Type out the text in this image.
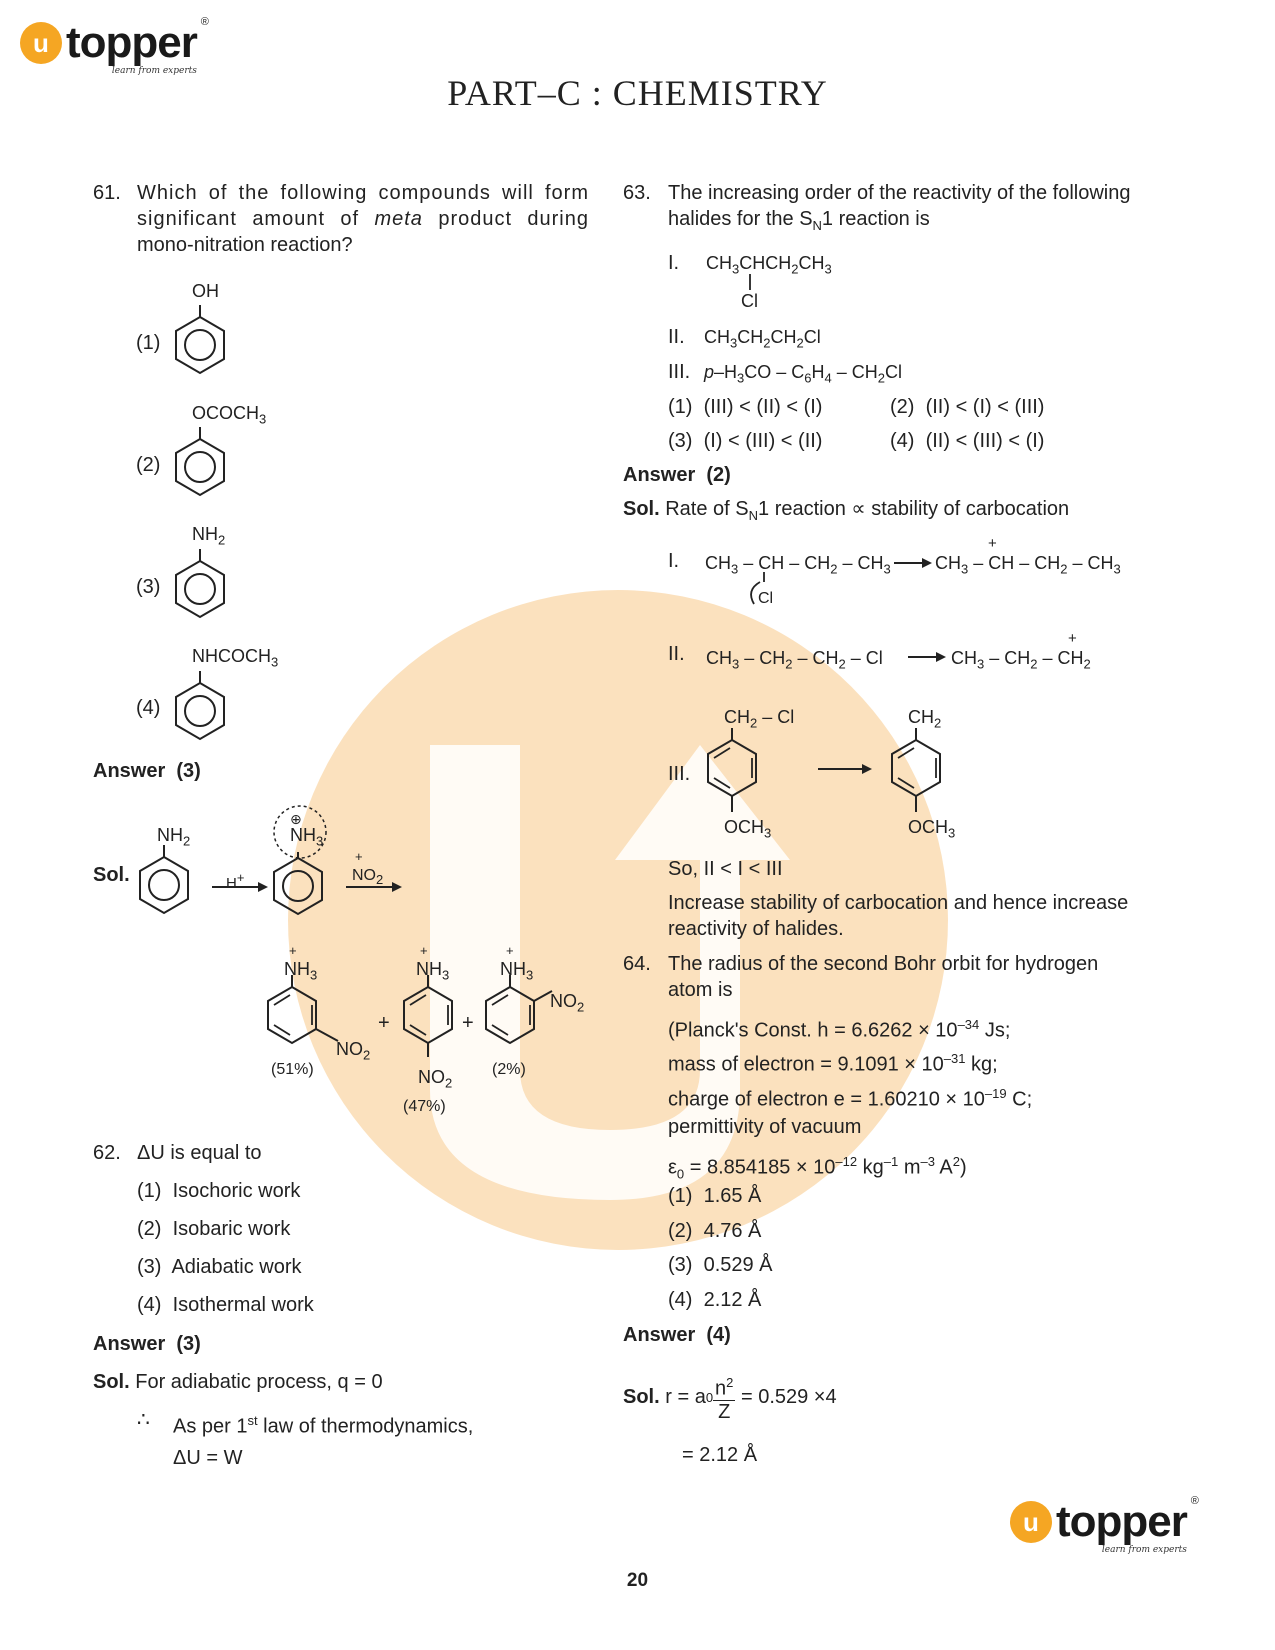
u topper ®
learn from experts
PART–C : CHEMISTRY
61. Which of the following compounds will form
significant amount of meta product during
mono-nitration reaction?
(1)
OH
(2)
$OCOCH_3$
(3)
$NH_2$
(4)
$NHCOCH_3$
Answer (3)
Sol.
$NH_2$
H+
⊕
$NH_3$
+
$NO_2$
+
$NH_3$
$NO_2$
(51%)
+
+
$NH_3$
$NO_2$
(47%)
+
+
$NH_3$
$NO_2$
(2%)
62. ΔU is equal to
(1) Isochoric work
(2) Isobaric work
(3) Adiabatic work
(4) Isothermal work
Answer (3)
Sol. For adiabatic process, q = 0
∴ As per 1st law of thermodynamics,
ΔU = W
63. The increasing order of the reactivity of the following
halides for the $S_N1$ reaction is
I. $CH_3CHCH_2CH_3$
Cl
II. $CH_3CH_2CH_2Cl$
III. $p-H_3CO - C_6H_4 - CH_2Cl$
(1) (III) < (II) < (I)	(2) (II) < (I) < (III)
(3) (I) < (III) < (II)	(4) (II) < (III) < (I)
Answer (2)
Sol. Rate of $S_N1$ reaction ∝ stability of carbocation
I. $CH_3$ – CH – $CH_2 - CH_3$
Cl
$CH_3$ – CH – $CH_2 - CH_3$
+
II. $CH_3 - CH_2 - CH_2$ – Cl	$CH_3 - CH_2 - CH_2$
+
III.
$CH_2$ – Cl
$OCH_3$
$CH_2$
$OCH_3$
So, II < I < III
Increase stability of carbocation and hence increase
reactivity of halides.
64. The radius of the second Bohr orbit for hydrogen
atom is
(Planck's Const. $h = 6.6262 \times 10^{-34}$ Js;
mass of electron = $9.1091 \times 10^{-31}$ kg;
charge of electron $e = 1.60210 \times 10^{-19}$ C;
permittivity of vacuum
$\varepsilon_0 = 8.854185 \times 10^{-12}$ $kg^{-1}$ $m^{-3}$ $A^2$)
(1) 1.65 Å
(2) 4.76 Å
(3) 0.529 Å
(4) 2.12 Å
Answer (4)
Sol.
r = a $0 \frac{n^2}{Z}$
= 0.529 ×4
= 2.12 Å
20
u topper ®
learn from experts
